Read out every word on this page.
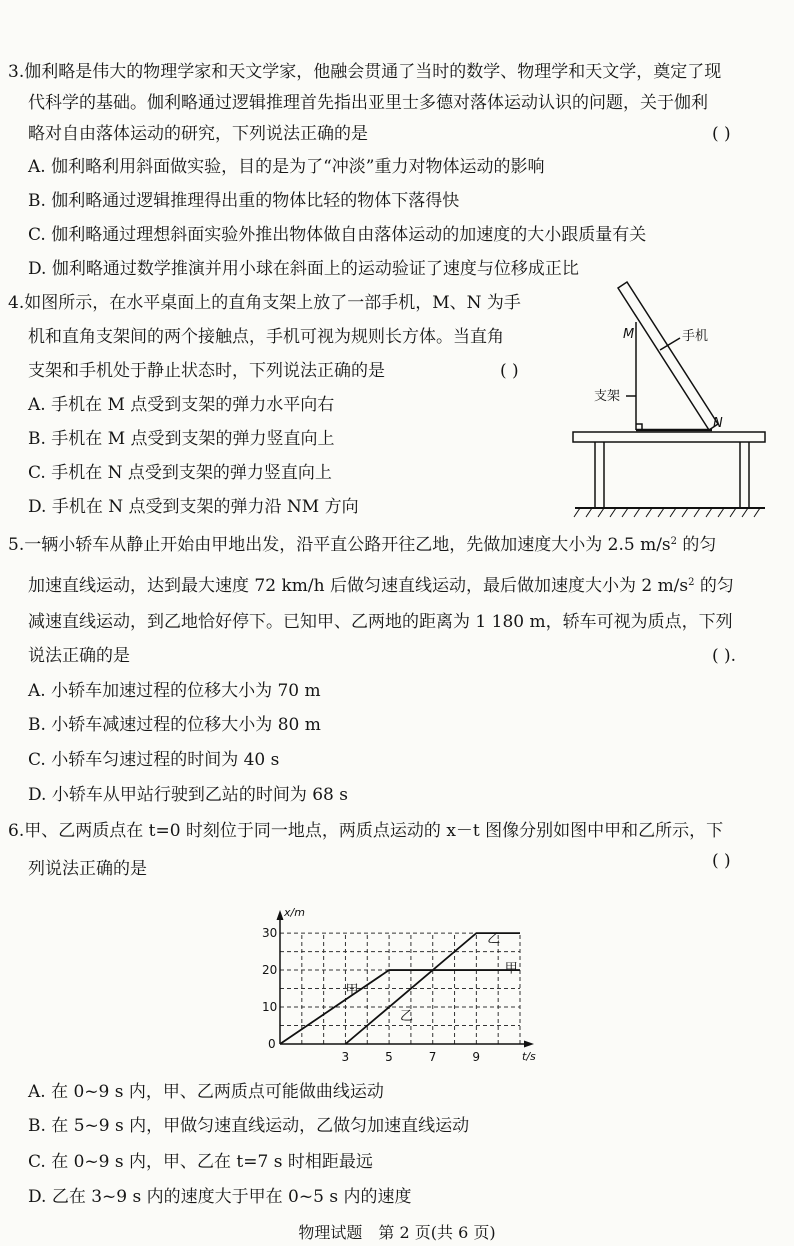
3.伽利略是伟大的物理学家和天文学家，他融会贯通了当时的数学、物理学和天文学，奠定了现
代科学的基础。伽利略通过逻辑推理首先指出亚里士多德对落体运动认识的问题，关于伽利
略对自由落体运动的研究，下列说法正确的是	( )
A. 伽利略利用斜面做实验，目的是为了“冲淡”重力对物体运动的影响
B. 伽利略通过逻辑推理得出重的物体比轻的物体下落得快
C. 伽利略通过理想斜面实验外推出物体做自由落体运动的加速度的大小跟质量有关
D. 伽利略通过数学推演并用小球在斜面上的运动验证了速度与位移成正比
4.如图所示，在水平桌面上的直角支架上放了一部手机，M、N 为手
机和直角支架间的两个接触点，手机可视为规则长方体。当直角
支架和手机处于静止状态时，下列说法正确的是	( )
A. 手机在 M 点受到支架的弹力水平向右
B. 手机在 M 点受到支架的弹力竖直向上
C. 手机在 N 点受到支架的弹力竖直向上
D. 手机在 N 点受到支架的弹力沿 NM 方向
M
N
手机
支架
5.一辆小轿车从静止开始由甲地出发，沿平直公路开往乙地，先做加速度大小为 2.5 $m/s^2$ 的匀
加速直线运动，达到最大速度 72 km/h 后做匀速直线运动，最后做加速度大小为 2 $m/s^2$ 的匀
减速直线运动，到乙地恰好停下。已知甲、乙两地的距离为 1 180 m，轿车可视为质点，下列
说法正确的是	( ).
A. 小轿车加速过程的位移大小为 70 m
B. 小轿车减速过程的位移大小为 80 m
C. 小轿车匀速过程的时间为 40 s
D. 小轿车从甲站行驶到乙站的时间为 68 s
6.甲、乙两质点在 t=0 时刻位于同一地点，两质点运动的 x－t 图像分别如图中甲和乙所示，下
( )
列说法正确的是
x/m
t/s
0
3	5	7	9
10
20
30
甲
甲
乙
乙
A. 在 0~9 s 内，甲、乙两质点可能做曲线运动
B. 在 5~9 s 内，甲做匀速直线运动，乙做匀加速直线运动
C. 在 0~9 s 内，甲、乙在 t=7 s 时相距最远
D. 乙在 3~9 s 内的速度大于甲在 0~5 s 内的速度
物理试题　第 2 页(共 6 页)
